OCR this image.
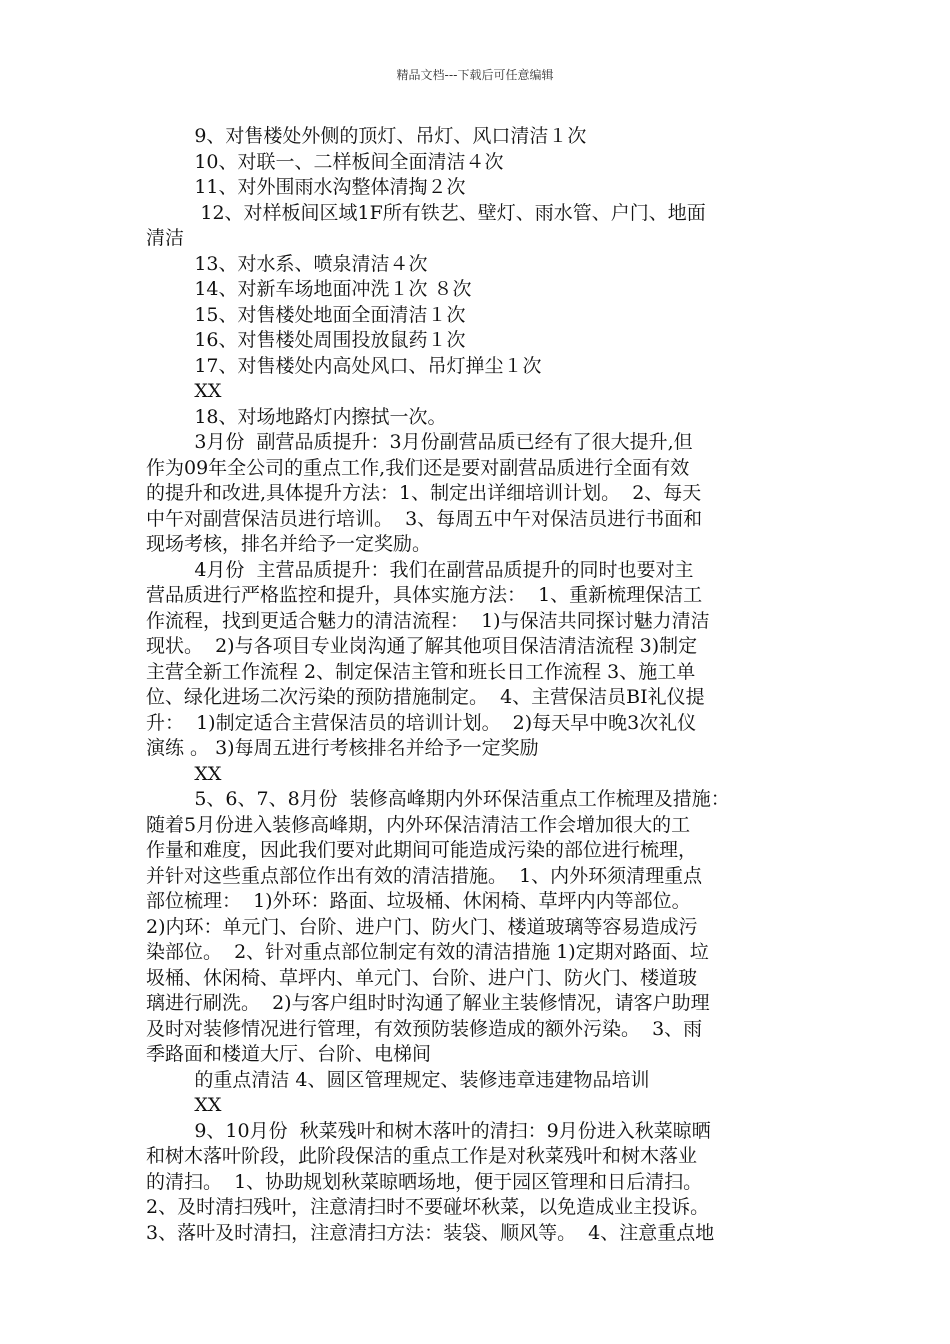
精品文档---下载后可任意编辑
9、对售楼处外侧的顶灯、吊灯、风口清洁１次
10、对联一、二样板间全面清洁４次
11、对外围雨水沟整体清掏２次
12、对样板间区域1F所有铁艺、壁灯、雨水管、户门、地面
清洁
13、对水系、喷泉清洁４次
14、对新车场地面冲洗１次 ８次
15、对售楼处地面全面清洁１次
16、对售楼处周围投放鼠药１次
17、对售楼处内高处风口、吊灯掸尘１次
XX
18、对场地路灯内擦拭一次。
3月份  副营品质提升：3月份副营品质已经有了很大提升,但
作为09年全公司的重点工作,我们还是要对副营品质进行全面有效
的提升和改进,具体提升方法：1、制定出详细培训计划。  2、每天
中午对副营保洁员进行培训。  3、每周五中午对保洁员进行书面和
现场考核，排名并给予一定奖励。
4月份  主营品质提升：我们在副营品质提升的同时也要对主
营品质进行严格监控和提升，具体实施方法：  1、重新梳理保洁工
作流程，找到更适合魅力的清洁流程：  1)与保洁共同探讨魅力清洁
现状。  2)与各项目专业岗沟通了解其他项目保洁清洁流程 3)制定
主营全新工作流程 2、制定保洁主管和班长日工作流程 3、施工单
位、绿化进场二次污染的预防措施制定。  4、主营保洁员BI礼仪提
升：  1)制定适合主营保洁员的培训计划。  2)每天早中晚3次礼仪
演练 。 3)每周五进行考核排名并给予一定奖励
XX
5、6、7、8月份  装修高峰期内外环保洁重点工作梳理及措施：
随着5月份进入装修高峰期，内外环保洁清洁工作会增加很大的工
作量和难度，因此我们要对此期间可能造成污染的部位进行梳理，
并针对这些重点部位作出有效的清洁措施。  1、内外环须清理重点
部位梳理：  1)外环：路面、垃圾桶、休闲椅、草坪内内等部位。
2)内环：单元门、台阶、进户门、防火门、楼道玻璃等容易造成污
染部位。  2、针对重点部位制定有效的清洁措施 1)定期对路面、垃
圾桶、休闲椅、草坪内、单元门、台阶、进户门、防火门、楼道玻
璃进行刷洗。  2)与客户组时时沟通了解业主装修情况，请客户助理
及时对装修情况进行管理，有效预防装修造成的额外污染。  3、雨
季路面和楼道大厅、台阶、电梯间
的重点清洁 4、圆区管理规定、装修违章违建物品培训
XX
9、10月份  秋菜残叶和树木落叶的清扫：9月份进入秋菜晾晒
和树木落叶阶段，此阶段保洁的重点工作是对秋菜残叶和树木落业
的清扫。  1、协助规划秋菜晾晒场地，便于园区管理和日后清扫。
2、及时清扫残叶，注意清扫时不要碰坏秋菜，以免造成业主投诉。
3、落叶及时清扫，注意清扫方法：装袋、顺风等。  4、注意重点地
